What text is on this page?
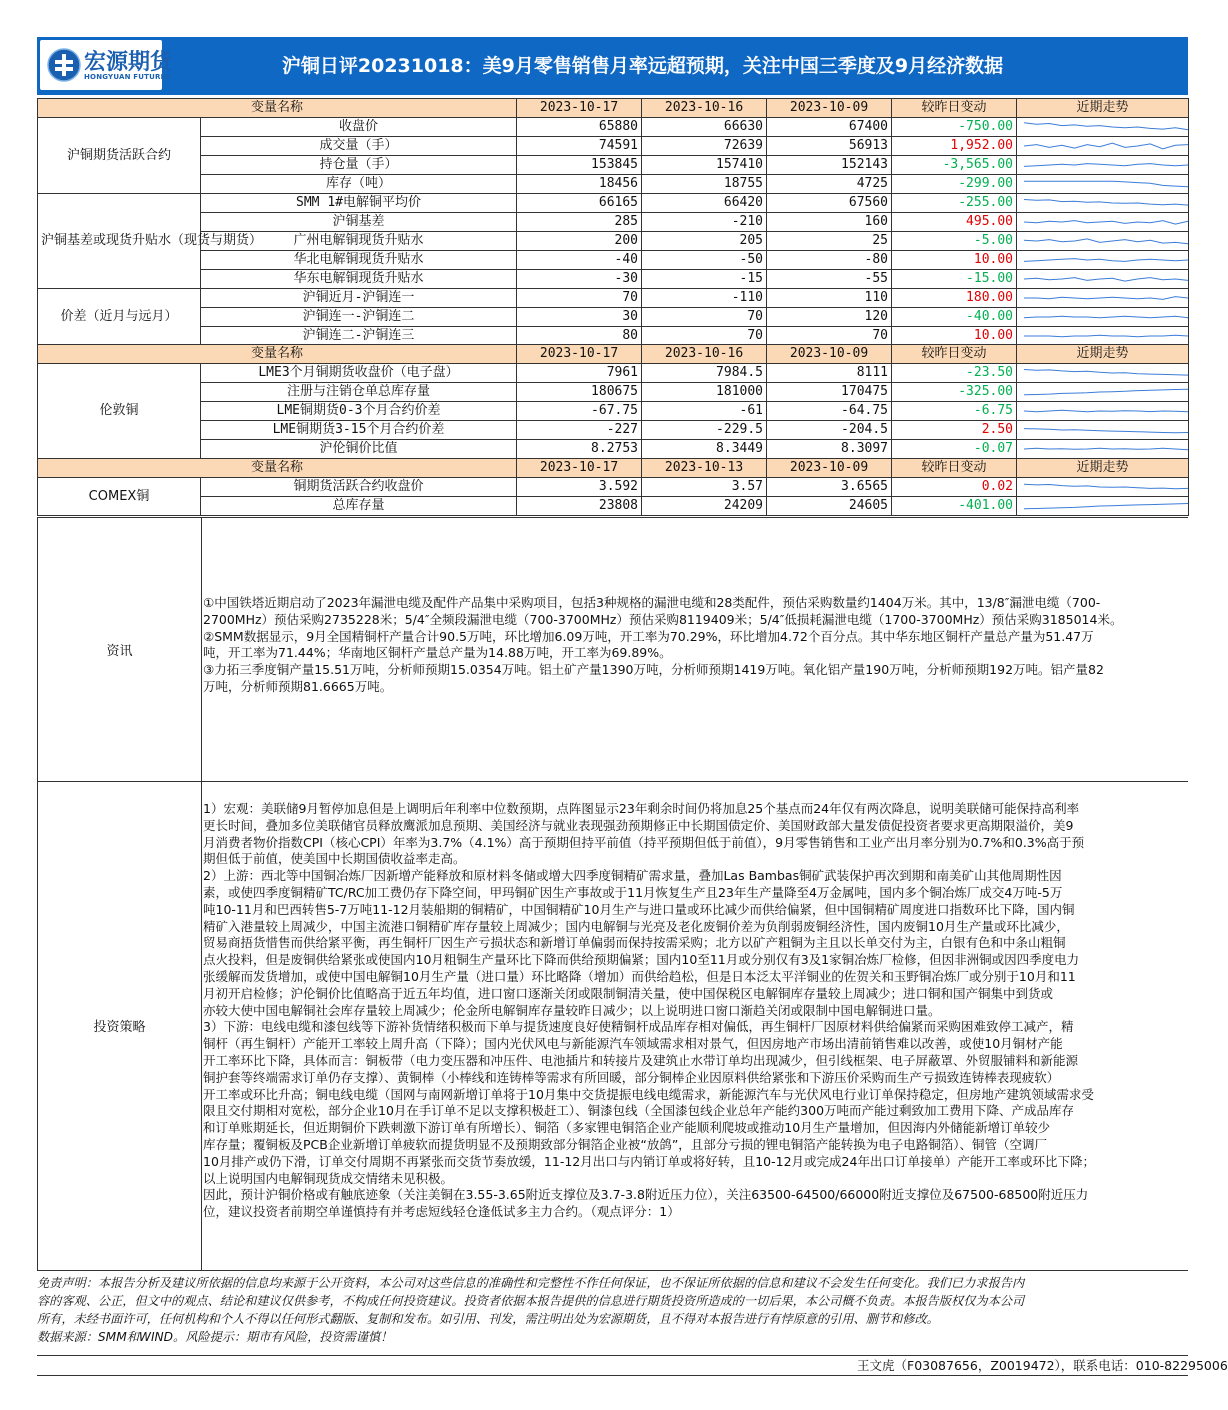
宏源期货
HONGYUAN FUTURES	沪铜日评20231018：美9月零售销售月率远超预期，关注中国三季度及9月经济数据
变量名称		2023-10-17	2023-10-16	2023-10-09	较昨日变动	近期走势
沪铜期货活跃合约	收盘价	65880	66630	67400	-750.00	

	成交量（手）	74591	72639	56913	1,952.00	

	持仓量（手）	153845	157410	152143	-3,565.00	

	库存（吨）	18456	18755	4725	-299.00	

沪铜基差或现货升贴水（现货与期货）	SMM 1#电解铜平均价	66165	66420	67560	-255.00	

	沪铜基差	285	-210	160	495.00	

	广州电解铜现货升贴水	200	205	25	-5.00	

	华北电解铜现货升贴水	-40	-50	-80	10.00	

	华东电解铜现货升贴水	-30	-15	-55	-15.00	

价差（近月与远月）	沪铜近月-沪铜连一	70	-110	110	180.00	

	沪铜连一-沪铜连二	30	70	120	-40.00	

	沪铜连二-沪铜连三	80	70	70	10.00	
变量名称		2023-10-17	2023-10-16	2023-10-09	较昨日变动	近期走势
伦敦铜	LME3个月铜期货收盘价（电子盘）	7961	7984.5	8111	-23.50	

	注册与注销仓单总库存量	180675	181000	170475	-325.00	

	LME铜期货0-3个月合约价差	-67.75	-61	-64.75	-6.75	

	LME铜期货3-15个月合约价差	-227	-229.5	-204.5	2.50	

	沪伦铜价比值	8.2753	8.3449	8.3097	-0.07	
变量名称		2023-10-17	2023-10-13	2023-10-09	较昨日变动	近期走势
COMEX铜	铜期货活跃合约收盘价	3.592	3.57	3.6565	0.02	

	总库存量	23808	24209	24605	-401.00	
资讯
①中国铁塔近期启动了2023年漏泄电缆及配件产品集中采购项目，包括3种规格的漏泄电缆和28类配件，预估采购数量约1404万米。其中，13/8″漏泄电缆（700-
2700MHz）预估采购2735228米；5/4″全频段漏泄电缆（700-3700MHz）预估采购8119409米；5/4″低损耗漏泄电缆（1700-3700MHz）预估采购3185014米。
②SMM数据显示，9月全国精铜杆产量合计90.5万吨，环比增加6.09万吨，开工率为70.29%，环比增加4.72个百分点。其中华东地区铜杆产量总产量为51.47万
吨，开工率为71.44%；华南地区铜杆产量总产量为14.88万吨，开工率为69.89%。
③力拓三季度铜产量15.51万吨，分析师预期15.0354万吨。铝土矿产量1390万吨，分析师预期1419万吨。氧化铝产量190万吨，分析师预期192万吨。铝产量82
万吨，分析师预期81.6665万吨。
投资策略
1）宏观：美联储9月暂停加息但是上调明后年利率中位数预期，点阵图显示23年剩余时间仍将加息25个基点而24年仅有两次降息，说明美联储可能保持高利率
更长时间，叠加多位美联储官员释放鹰派加息预期、美国经济与就业表现强劲预期修正中长期国债定价、美国财政部大量发债促投资者要求更高期限溢价，美9
月消费者物价指数CPI（核心CPI）年率为3.7%（4.1%）高于预期但持平前值（持平预期但低于前值），9月零售销售和工业产出月率分别为0.7%和0.3%高于预
期但低于前值，使美国中长期国债收益率走高。
2）上游：西北等中国铜冶炼厂因新增产能释放和原材料冬储或增大四季度铜精矿需求量，叠加Las Bambas铜矿武装保护再次到期和南美矿山其他周期性因
素，或使四季度铜精矿TC/RC加工费仍存下降空间，甲玛铜矿因生产事故或于11月恢复生产且23年生产量降至4万金属吨，国内多个铜冶炼厂成交4万吨-5万
吨10-11月和巴西转售5-7万吨11-12月装船期的铜精矿，中国铜精矿10月生产与进口量或环比减少而供给偏紧，但中国铜精矿周度进口指数环比下降，国内铜
精矿入港量较上周减少，中国主流港口铜精矿库存量较上周减少；国内电解铜与光亮及老化废铜价差为负削弱废铜经济性，国内废铜10月生产量或环比减少，
贸易商捂货惜售而供给紧平衡，再生铜杆厂因生产亏损状态和新增订单偏弱而保持按需采购；北方以矿产粗铜为主且以长单交付为主，白银有色和中条山粗铜
点火投料，但是废铜供给紧张或使国内10月粗铜生产量环比下降而供给预期偏紧；国内10至11月或分别仅有3及1家铜冶炼厂检修，但因非洲铜或因四季度电力
张缓解而发货增加，或使中国电解铜10月生产量（进口量）环比略降（增加）而供给趋松，但是日本泛太平洋铜业的佐贺关和玉野铜冶炼厂或分别于10月和11
月初开启检修；沪伦铜价比值略高于近五年均值，进口窗口逐渐关闭或限制铜清关量，使中国保税区电解铜库存量较上周减少；进口铜和国产铜集中到货或
亦较大使中国电解铜社会库存量较上周减少；伦金所电解铜库存量较昨日减少；以上说明进口窗口渐趋关闭或限制中国电解铜进口量。
3）下游：电线电缆和漆包线等下游补货情绪积极而下单与提货速度良好使精铜杆成品库存相对偏低，再生铜杆厂因原材料供给偏紧而采购困难致停工减产，精
铜杆（再生铜杆）产能开工率较上周升高（下降）；国内光伏风电与新能源汽车领域需求相对景气，但因房地产市场出清前销售难以改善，或使10月铜材产能
开工率环比下降，具体而言：铜板带（电力变压器和冲压件、电池插片和转接片及建筑止水带订单均出现减少，但引线框架、电子屏蔽罩、外贸服铺料和新能源
铜护套等终端需求订单仍存支撑）、黄铜棒（小棒线和连铸棒等需求有所回暖，部分铜棒企业因原料供给紧张和下游压价采购而生产亏损致连铸棒表现疲软）
开工率或环比升高；铜电线电缆（国网与南网新增订单将于10月集中交货提振电线电缆需求，新能源汽车与光伏风电行业订单保持稳定，但房地产建筑领域需求受
限且交付期相对宽松，部分企业10月在手订单不足以支撑积极赶工）、铜漆包线（全国漆包线企业总年产能约300万吨而产能过剩致加工费用下降、产成品库存
和订单账期延长，但近期铜价下跌刺激下游订单有所增长）、铜箔（多家锂电铜箔企业产能顺利爬坡或推动10月生产量增加，但因海内外储能新增订单较少
库存量；覆铜板及PCB企业新增订单疲软而提货明显不及预期致部分铜箔企业被“放鸽”，且部分亏损的锂电铜箔产能转换为电子电路铜箔）、铜管（空调厂
10月排产或仍下滑，订单交付周期不再紧张而交货节奏放缓，11-12月出口与内销订单或将好转，且10-12月或完成24年出口订单接单）产能开工率或环比下降；
以上说明国内电解铜现货成交情绪未见积极。
因此，预计沪铜价格或有触底迹象（关注美铜在3.55-3.65附近支撑位及3.7-3.8附近压力位），关注63500-64500/66000附近支撑位及67500-68500附近压力
位，建议投资者前期空单谨慎持有并考虑短线轻仓逢低试多主力合约。（观点评分：1）
免责声明：本报告分析及建议所依据的信息均来源于公开资料，本公司对这些信息的准确性和完整性不作任何保证，也不保证所依据的信息和建议不会发生任何变化。我们已力求报告内
容的客观、公正，但文中的观点、结论和建议仅供参考，不构成任何投资建议。投资者依据本报告提供的信息进行期货投资所造成的一切后果，本公司概不负责。本报告版权仅为本公司
所有，未经书面许可，任何机构和个人不得以任何形式翻版、复制和发布。如引用、刊发，需注明出处为宏源期货，且不得对本报告进行有悖原意的引用、删节和修改。
数据来源：SMM和WIND。风险提示：期市有风险，投资需谨慎！
王文虎（F03087656，Z0019472），联系电话：010-82295006
